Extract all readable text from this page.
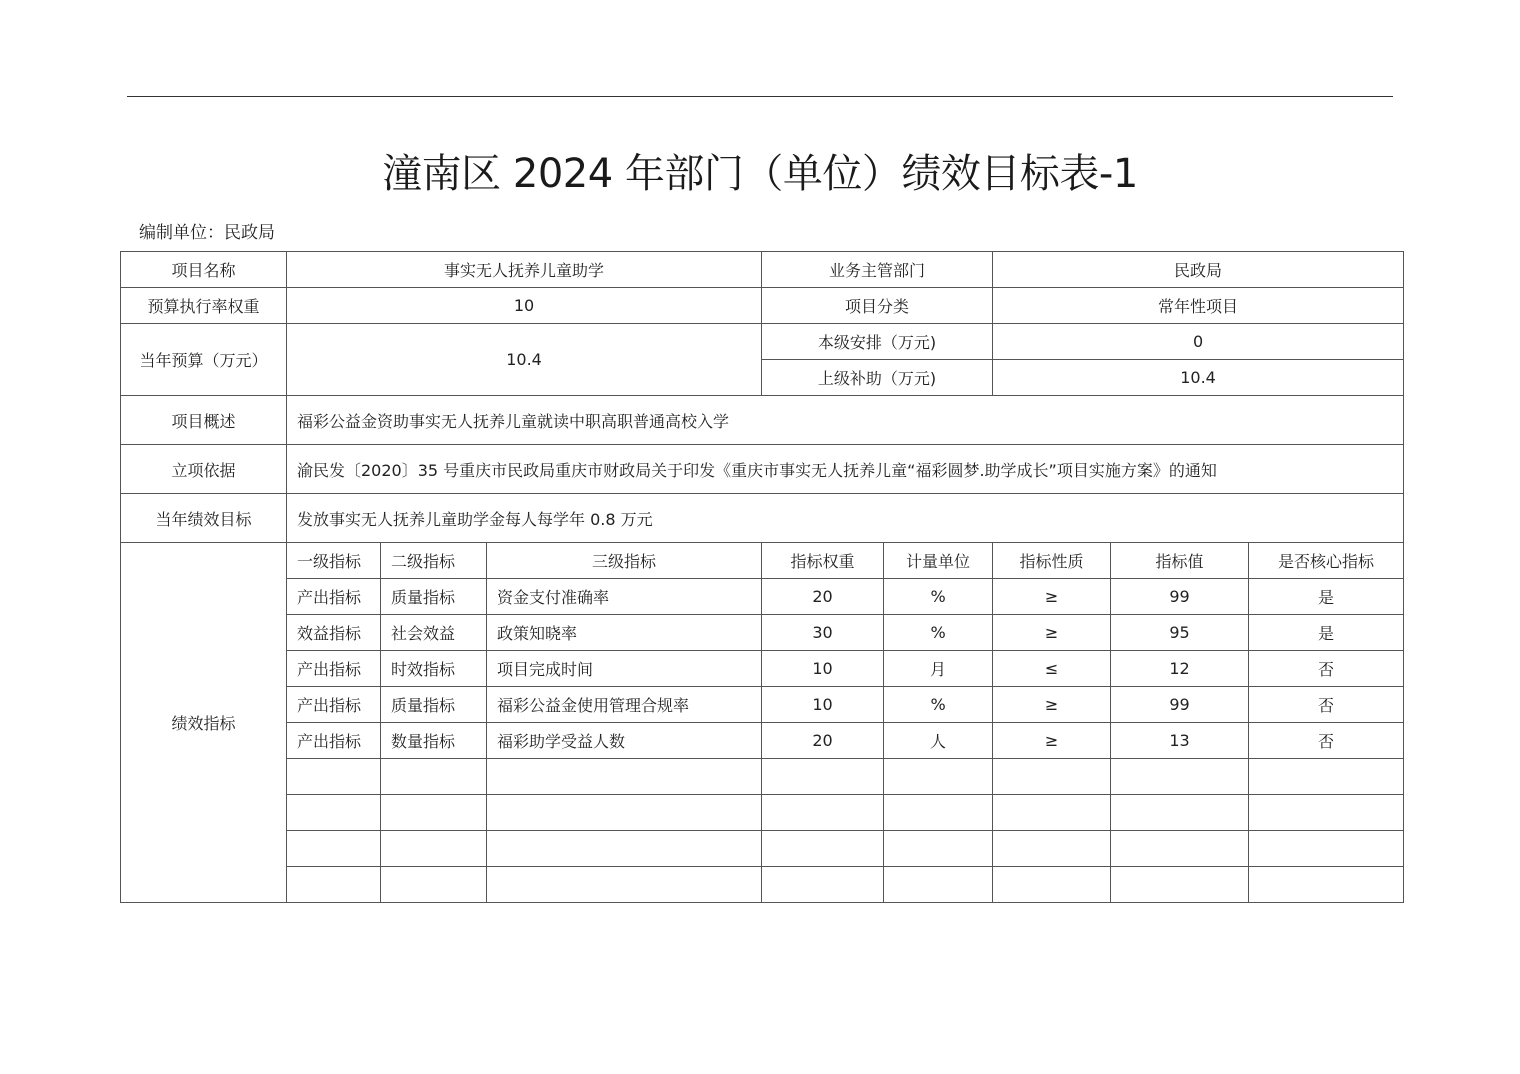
潼南区 2024 年部门（单位）绩效目标表-1
编制单位：民政局
项目名称	事实无人抚养儿童助学			业务主管部门		民政局		
预算执行率权重	10			项目分类		常年性项目		
当年预算（万元）	10.4			本级安排（万元)		0		
				上级补助（万元)		10.4		
项目概述	福彩公益金资助事实无人抚养儿童就读中职高职普通高校入学							
立项依据	渝民发〔2020〕35 号重庆市民政局重庆市财政局关于印发《重庆市事实无人抚养儿童“福彩圆梦.助学成长”项目实施方案》的通知							
当年绩效目标	发放事实无人抚养儿童助学金每人每学年 0.8 万元							
绩效指标	一级指标	二级指标	三级指标	指标权重	计量单位	指标性质	指标值	是否核心指标
	产出指标	质量指标	资金支付准确率	20	%	≥	99	是
	效益指标	社会效益	政策知晓率	30	%	≥	95	是
	产出指标	时效指标	项目完成时间	10	月	≤	12	否
	产出指标	质量指标	福彩公益金使用管理合规率	10	%	≥	99	否
	产出指标	数量指标	福彩助学受益人数	20	人	≥	13	否
